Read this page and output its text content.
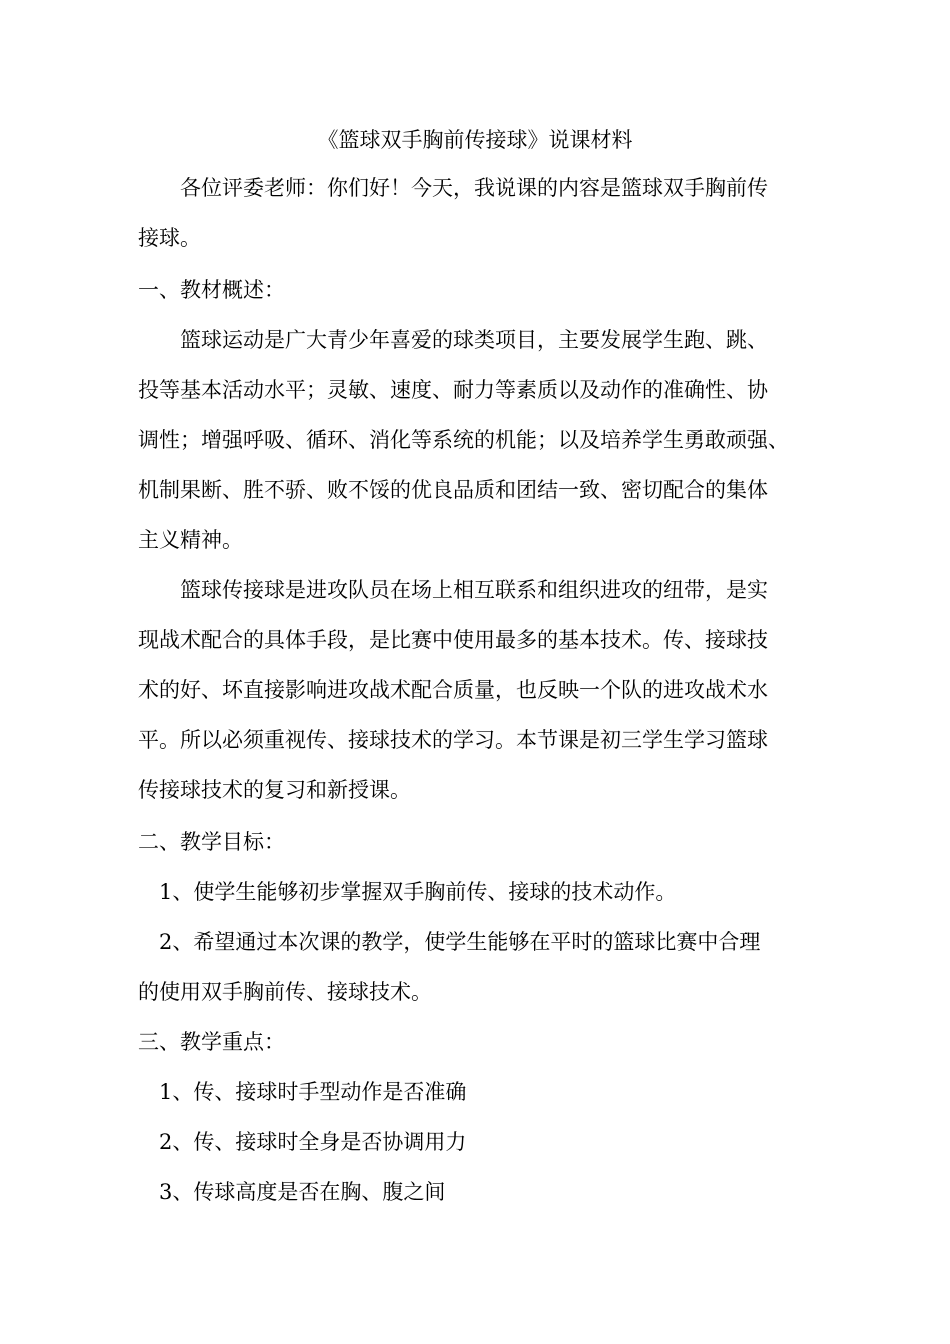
《篮球双手胸前传接球》说课材料
　　各位评委老师：你们好！今天，我说课的内容是篮球双手胸前传
接球。
一、教材概述：
　　篮球运动是广大青少年喜爱的球类项目，主要发展学生跑、跳、
投等基本活动水平；灵敏、速度、耐力等素质以及动作的准确性、协
调性；增强呼吸、循环、消化等系统的机能；以及培养学生勇敢顽强、
机制果断、胜不骄、败不馁的优良品质和团结一致、密切配合的集体
主义精神。
　　篮球传接球是进攻队员在场上相互联系和组织进攻的纽带，是实
现战术配合的具体手段，是比赛中使用最多的基本技术。传、接球技
术的好、坏直接影响进攻战术配合质量，也反映一个队的进攻战术水
平。所以必须重视传、接球技术的学习。本节课是初三学生学习篮球
传接球技术的复习和新授课。
二、教学目标：
　1、使学生能够初步掌握双手胸前传、接球的技术动作。
　2、希望通过本次课的教学，使学生能够在平时的篮球比赛中合理
的使用双手胸前传、接球技术。
三、教学重点：
　1、传、接球时手型动作是否准确
　2、传、接球时全身是否协调用力
　3、传球高度是否在胸、腹之间
